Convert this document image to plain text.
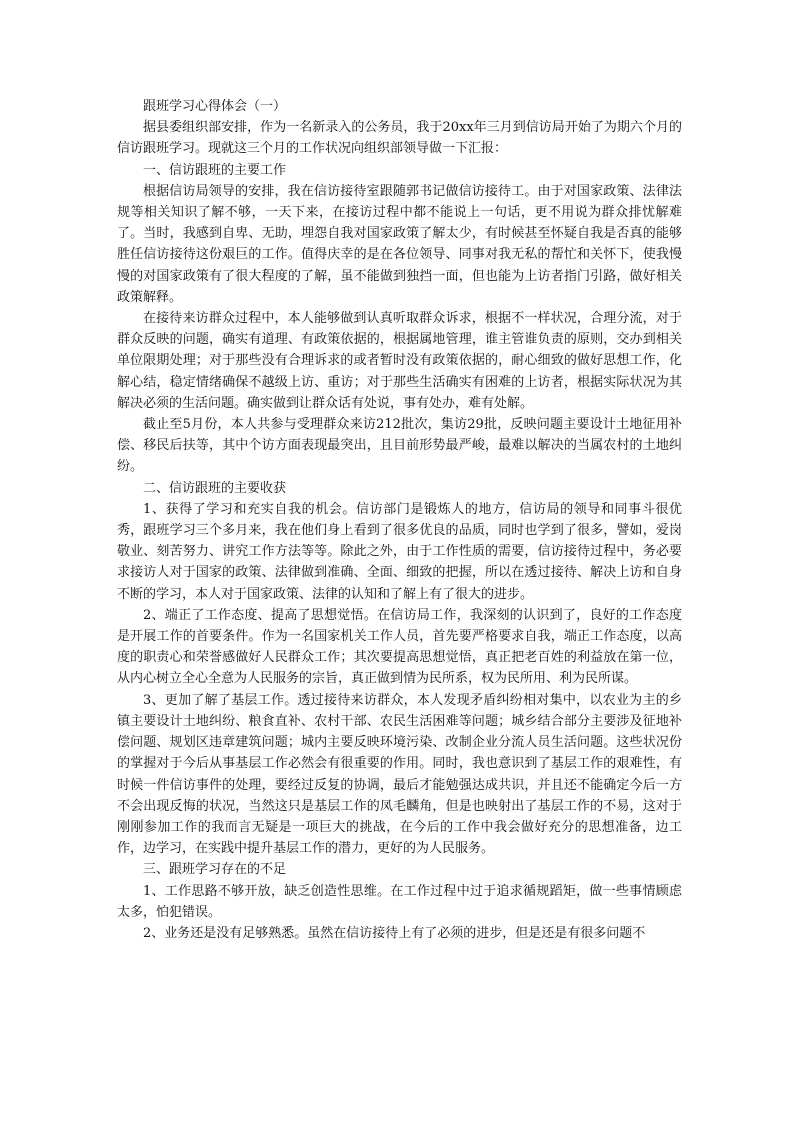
跟班学习心得体会（一）

据县委组织部安排，作为一名新录入的公务员，我于20xx年三月到信访局开始了为期六个月的信访跟班学习。现就这三个月的工作状况向组织部领导做一下汇报：

一、信访跟班的主要工作

根据信访局领导的安排，我在信访接待室跟随郭书记做信访接待工。由于对国家政策、法律法规等相关知识了解不够，一天下来，在接访过程中都不能说上一句话，更不用说为群众排忧解难了。当时，我感到自卑、无助，埋怨自我对国家政策了解太少，有时候甚至怀疑自我是否真的能够胜任信访接待这份艰巨的工作。值得庆幸的是在各位领导、同事对我无私的帮忙和关怀下，使我慢慢的对国家政策有了很大程度的了解，虽不能做到独挡一面，但也能为上访者指门引路，做好相关政策解释。

在接待来访群众过程中，本人能够做到认真听取群众诉求，根据不一样状况，合理分流，对于群众反映的问题，确实有道理、有政策依据的，根据属地管理，谁主管谁负责的原则，交办到相关单位限期处理；对于那些没有合理诉求的或者暂时没有政策依据的，耐心细致的做好思想工作，化解心结，稳定情绪确保不越级上访、重访；对于那些生活确实有困难的上访者，根据实际状况为其解决必须的生活问题。确实做到让群众话有处说，事有处办，难有处解。

截止至5月份，本人共参与受理群众来访212批次，集访29批，反映问题主要设计土地征用补偿、移民后扶等，其中个访方面表现最突出，且目前形势最严峻，最难以解决的当属农村的土地纠纷。

二、信访跟班的主要收获

1、获得了学习和充实自我的机会。信访部门是锻炼人的地方，信访局的领导和同事斗很优秀，跟班学习三个多月来，我在他们身上看到了很多优良的品质，同时也学到了很多，譬如，爱岗敬业、刻苦努力、讲究工作方法等等。除此之外，由于工作性质的需要，信访接待过程中，务必要求接访人对于国家的政策、法律做到准确、全面、细致的把握，所以在透过接待、解决上访和自身不断的学习，本人对于国家政策、法律的认知和了解上有了很大的进步。

2、端正了工作态度、提高了思想觉悟。在信访局工作，我深刻的认识到了，良好的工作态度是开展工作的首要条件。作为一名国家机关工作人员，首先要严格要求自我，端正工作态度，以高度的职责心和荣誉感做好人民群众工作；其次要提高思想觉悟，真正把老百姓的利益放在第一位，从内心树立全心全意为人民服务的宗旨，真正做到情为民所系，权为民所用、利为民所谋。

3、更加了解了基层工作。透过接待来访群众，本人发现矛盾纠纷相对集中，以农业为主的乡镇主要设计土地纠纷、粮食直补、农村干部、农民生活困难等问题；城乡结合部分主要涉及征地补偿问题、规划区违章建筑问题；城内主要反映环境污染、改制企业分流人员生活问题。这些状况份的掌握对于今后从事基层工作必然会有很重要的作用。同时，我也意识到了基层工作的艰难性，有时候一件信访事件的处理，要经过反复的协调，最后才能勉强达成共识，并且还不能确定今后一方不会出现反悔的状况，当然这只是基层工作的凤毛麟角，但是也映射出了基层工作的不易，这对于刚刚参加工作的我而言无疑是一项巨大的挑战，在今后的工作中我会做好充分的思想准备，边工作，边学习，在实践中提升基层工作的潜力，更好的为人民服务。

三、跟班学习存在的不足

1、工作思路不够开放，缺乏创造性思维。在工作过程中过于追求循规蹈矩，做一些事情顾虑太多，怕犯错误。

2、业务还是没有足够熟悉。虽然在信访接待上有了必须的进步，但是还是有很多问题不
